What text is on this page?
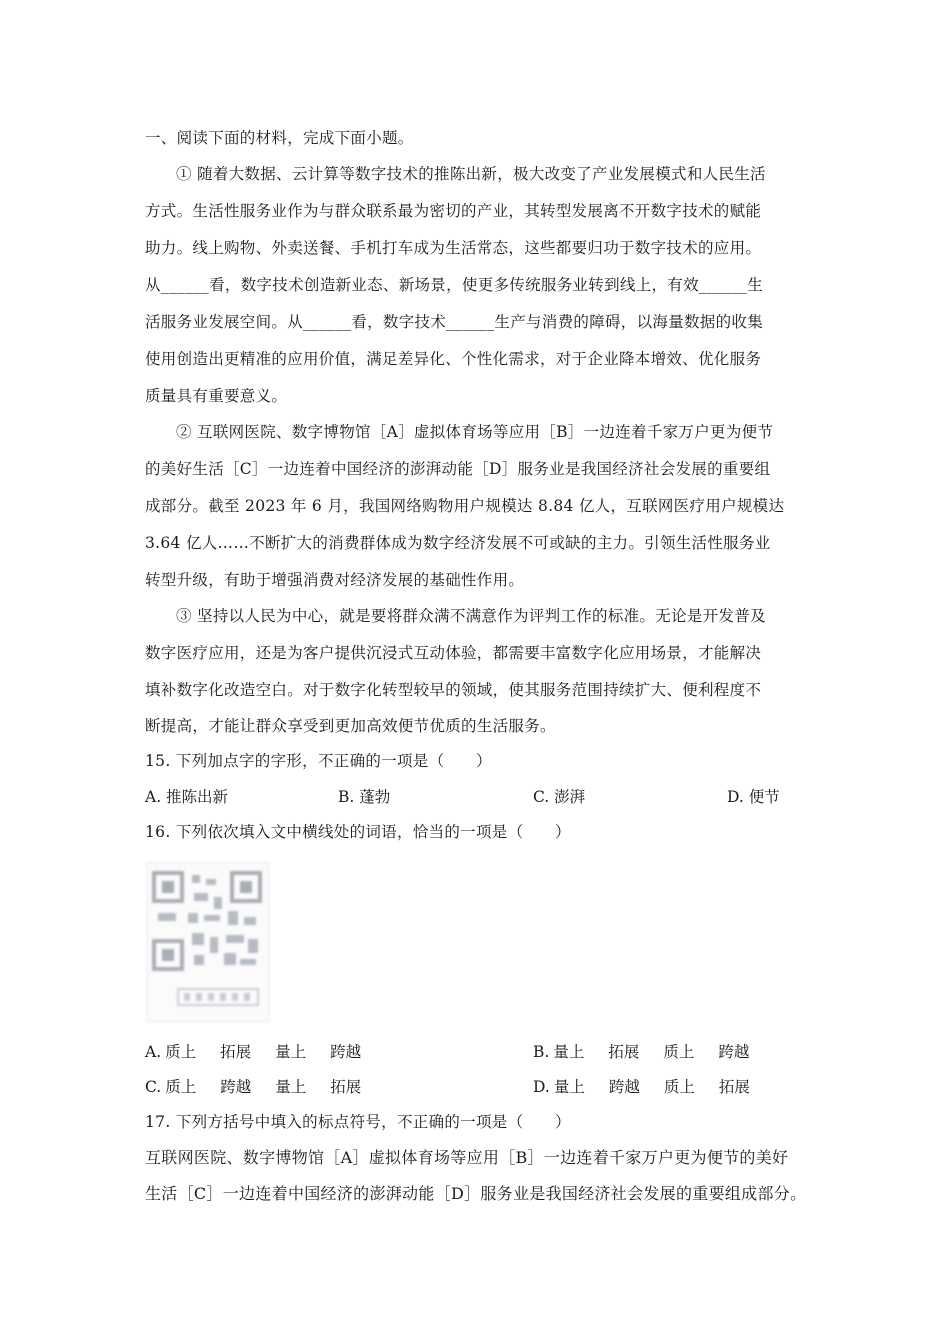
一、阅读下面的材料，完成下面小题。
① 随着大数据、云计算等数字技术的推陈出新，极大改变了产业发展模式和人民生活
方式。生活性服务业作为与群众联系最为密切的产业，其转型发展离不开数字技术的赋能
助力。线上购物、外卖送餐、手机打车成为生活常态，这些都要归功于数字技术的应用。
从______看，数字技术创造新业态、新场景，使更多传统服务业转到线上，有效______生
活服务业发展空间。从______看，数字技术______生产与消费的障碍，以海量数据的收集
使用创造出更精准的应用价值，满足差异化、个性化需求，对于企业降本增效、优化服务
质量具有重要意义。
② 互联网医院、数字博物馆［A］虚拟体育场等应用［B］一边连着千家万户更为便节
的美好生活［C］一边连着中国经济的澎湃动能［D］服务业是我国经济社会发展的重要组
成部分。截至 2023 年 6 月，我国网络购物用户规模达 8.84 亿人，互联网医疗用户规模达
3.64 亿人……不断扩大的消费群体成为数字经济发展不可或缺的主力。引领生活性服务业
转型升级，有助于增强消费对经济发展的基础性作用。
③ 坚持以人民为中心，就是要将群众满不满意作为评判工作的标准。无论是开发普及
数字医疗应用，还是为客户提供沉浸式互动体验，都需要丰富数字化应用场景，才能解决
填补数字化改造空白。对于数字化转型较早的领域，使其服务范围持续扩大、便利程度不
断提高，才能让群众享受到更加高效便节优质的生活服务。
15. 下列加点字的字形，不正确的一项是（　　）
A. 推陈出新	B. 蓬勃	C. 澎湃	D. 便节
16. 下列依次填入文中横线处的词语，恰当的一项是（　　）
A. 质上 拓展 量上 跨越	B. 量上 拓展 质上 跨越
C. 质上 跨越 量上 拓展	D. 量上 跨越 质上 拓展
17. 下列方括号中填入的标点符号，不正确的一项是（　　）
互联网医院、数字博物馆［A］虚拟体育场等应用［B］一边连着千家万户更为便节的美好
生活［C］一边连着中国经济的澎湃动能［D］服务业是我国经济社会发展的重要组成部分。
